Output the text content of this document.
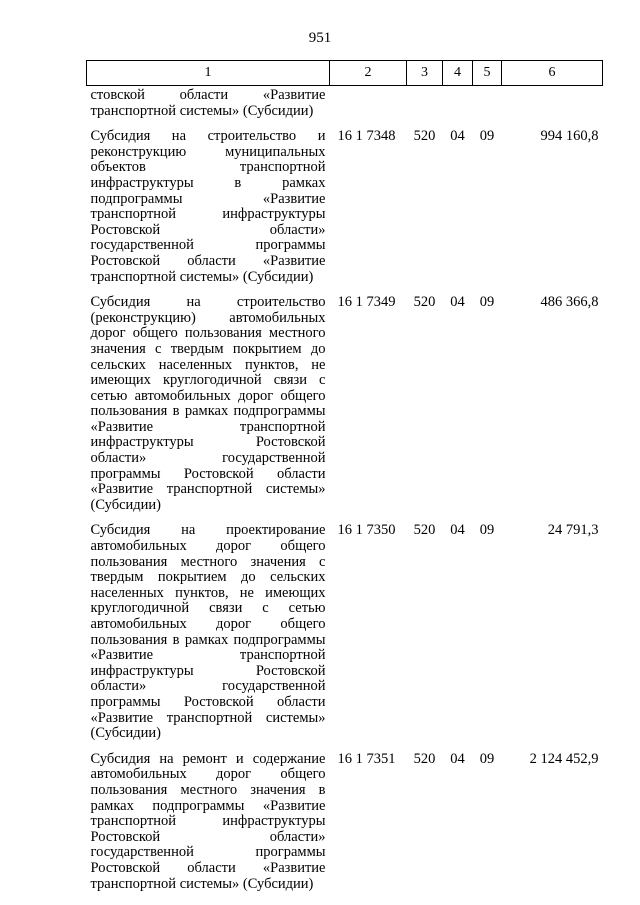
951
1	2	3	4	5	6
стовской области «Развитие транспортной системы» (Субсидии)					
Субсидия на строительство и реконструкцию муниципальных объектов транспортной инфраструктуры в рамках подпрограммы «Развитие транспортной инфраструктуры Ростовской области» государственной программы Ростовской области «Развитие транспортной системы» (Субсидии)	16 1 7348	520	04	09	994 160,8
Субсидия на строительство (реконструкцию) автомобильных дорог общего пользования местного значения с твердым покрытием до сельских населенных пунктов, не имеющих круглогодичной связи с сетью автомобильных дорог общего пользования в рамках подпрограммы «Развитие транспортной инфраструктуры Ростовской области» государственной программы Ростовской области «Развитие транспортной системы» (Субсидии)	16 1 7349	520	04	09	486 366,8
Субсидия на проектирование автомобильных дорог общего пользования местного значения с твердым покрытием до сельских населенных пунктов, не имеющих круглогодичной связи с сетью автомобильных дорог общего пользования в рамках подпрограммы «Развитие транспортной инфраструктуры Ростовской области» государственной программы Ростовской области «Развитие транспортной системы» (Субсидии)	16 1 7350	520	04	09	24 791,3
Субсидия на ремонт и содержание автомобильных дорог общего пользования местного значения в рамках подпрограммы «Развитие транспортной инфраструктуры Ростовской области» государственной программы Ростовской области «Развитие транспортной системы» (Субсидии)	16 1 7351	520	04	09	2 124 452,9
